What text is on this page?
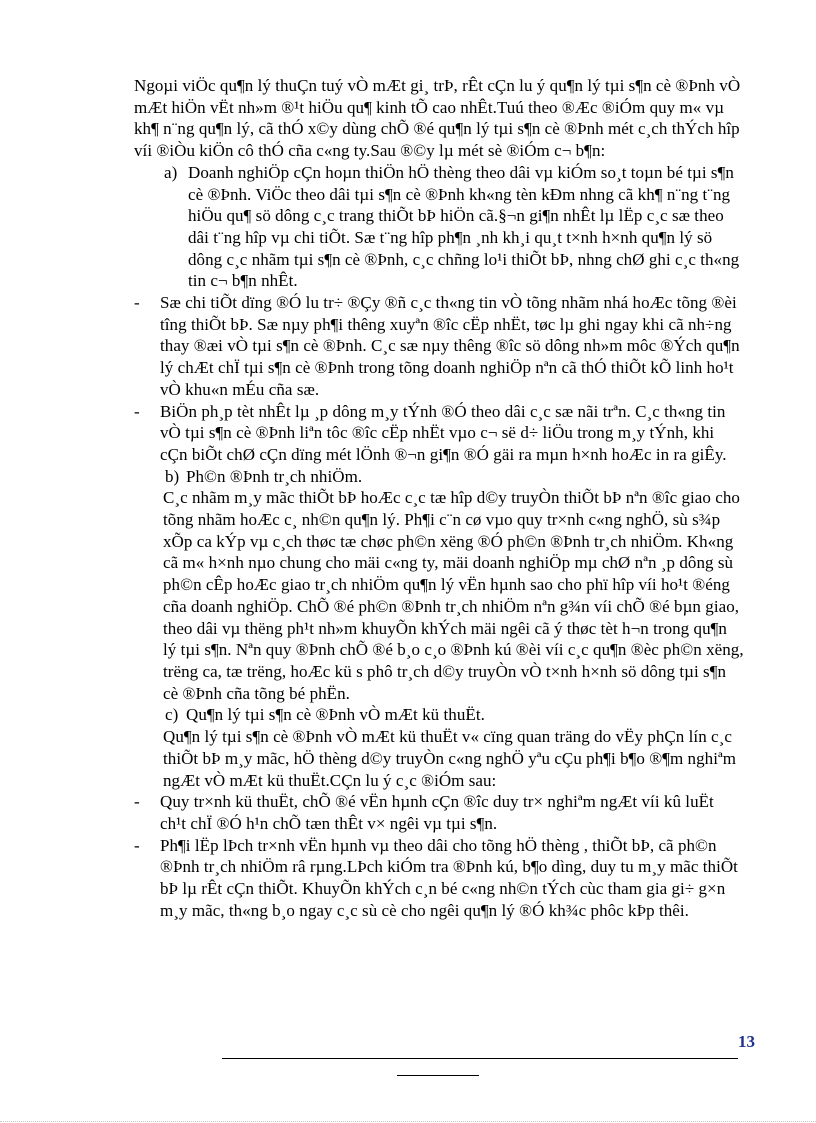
Ngoµi viÖc qu¶n lý thuÇn tuý vÒ mÆt gi¸ trÞ, rÊt cÇn lu ý qu¶n lý tµi s¶n cè ®Þnh vÒ mÆt hiÖn vËt nh»m ®¹t hiÖu qu¶ kinh tÕ cao nhÊt.Tuú theo ®Æc ®iÓm quy m« vµ kh¶ n¨ng qu¶n lý, cã thÓ x©y dùng chÕ ®é qu¶n lý tµi s¶n cè ®Þnh mét c¸ch thÝch hîp víi ®iÒu kiÖn cô thÓ cña c«ng ty.Sau ®©y lµ mét sè ®iÓm c¬ b¶n:

a) Doanh nghiÖp cÇn hoµn thiÖn hÖ thèng theo dâi vµ kiÓm so¸t toµn bé tµi s¶n cè ®Þnh. ViÖc theo dâi tµi s¶n cè ®Þnh kh«ng tèn kÐm nhng cã kh¶ n¨ng t¨ng hiÖu qu¶ sö dông c¸c trang thiÕt bÞ hiÖn cã.§¬n gi¶n nhÊt lµ lËp c¸c sæ theo dâi t¨ng hîp vµ chi tiÕt. Sæ t¨ng hîp ph¶n ¸nh kh¸i qu¸t t×nh h×nh qu¶n lý sö dông c¸c nhãm tµi s¶n cè ®Þnh, c¸c chñng lo¹i thiÕt bÞ, nhng chØ ghi c¸c th«ng tin c¬ b¶n nhÊt.
-	Sæ chi tiÕt dïng ®Ó lu tr÷ ®Çy ®ñ c¸c th«ng tin vÒ tõng nhãm nhá hoÆc tõng ®èi tîng thiÕt bÞ. Sæ nµy ph¶i thêng xuyªn ®îc cËp nhËt, tøc lµ ghi ngay khi cã nh÷ng thay ®æi vÒ tµi s¶n cè ®Þnh. C¸c sæ nµy thêng ®îc sö dông nh»m môc ®Ých qu¶n lý chÆt chÏ tµi s¶n cè ®Þnh trong tõng doanh nghiÖp nªn cã thÓ thiÕt kÕ linh ho¹t vÒ khu«n mÉu cña sæ.
-	BiÖn ph¸p tèt nhÊt lµ ¸p dông m¸y tÝnh ®Ó theo dâi c¸c sæ nãi trªn. C¸c th«ng tin vÒ tµi s¶n cè ®Þnh liªn tôc ®îc cËp nhËt vµo c¬ së d÷ liÖu trong m¸y tÝnh, khi cÇn biÕt chØ cÇn dïng mét lÖnh ®¬n gi¶n ®Ó gäi ra mµn h×nh hoÆc in ra giÊy.
b) Ph©n ®Þnh tr¸ch nhiÖm.

C¸c nhãm m¸y mãc thiÕt bÞ hoÆc c¸c tæ hîp d©y truyÒn thiÕt bÞ nªn ®îc giao cho tõng nhãm hoÆc c¸ nh©n qu¶n lý. Ph¶i c¨n cø vµo quy tr×nh c«ng nghÖ, sù s¾p xÕp ca kÝp vµ c¸ch thøc tæ chøc ph©n xëng ®Ó ph©n ®Þnh tr¸ch nhiÖm. Kh«ng cã m« h×nh nµo chung cho mäi c«ng ty, mäi doanh nghiÖp mµ chØ nªn ¸p dông sù ph©n cÊp hoÆc giao tr¸ch nhiÖm qu¶n lý vËn hµnh sao cho phï hîp víi ho¹t ®éng cña doanh nghiÖp. ChÕ ®é ph©n ®Þnh tr¸ch nhiÖm nªn g¾n víi chÕ ®é bµn giao, theo dâi vµ thëng ph¹t nh»m khuyÕn khÝch mäi ngêi cã ý thøc tèt h¬n trong qu¶n lý tµi s¶n. Nªn quy ®Þnh chÕ ®é b¸o c¸o ®Þnh kú ®èi víi c¸c qu¶n ®èc ph©n xëng, trëng ca, tæ trëng, hoÆc kü s phô tr¸ch d©y truyÒn vÒ t×nh h×nh sö dông tµi s¶n cè ®Þnh cña tõng bé phËn.

c) Qu¶n lý tµi s¶n cè ®Þnh vÒ mÆt kü thuËt.

Qu¶n lý tµi s¶n cè ®Þnh vÒ mÆt kü thuËt v« cïng quan träng do vËy phÇn lín c¸c thiÕt bÞ m¸y mãc, hÖ thèng d©y truyÒn c«ng nghÖ yªu cÇu ph¶i b¶o ®¶m nghiªm ngÆt vÒ mÆt kü thuËt.CÇn lu ý c¸c ®iÓm sau:

-	Quy tr×nh kü thuËt, chÕ ®é vËn hµnh cÇn ®îc duy tr× nghiªm ngÆt víi kû luËt ch¹t chÏ ®Ó h¹n chÕ tæn thÊt v× ngêi vµ tµi s¶n.
-	Ph¶i lËp lÞch tr×nh vËn hµnh vµ theo dâi cho tõng hÖ thèng , thiÕt bÞ, cã ph©n ®Þnh tr¸ch nhiÖm râ rµng.LÞch kiÓm tra ®Þnh kú, b¶o dìng, duy tu m¸y mãc thiÕt bÞ lµ rÊt cÇn thiÕt. KhuyÕn khÝch c¸n bé c«ng nh©n tÝch cùc tham gia gi÷ g×n m¸y mãc, th«ng b¸o ngay c¸c sù cè cho ngêi qu¶n lý ®Ó kh¾c phôc kÞp thêi.
13
